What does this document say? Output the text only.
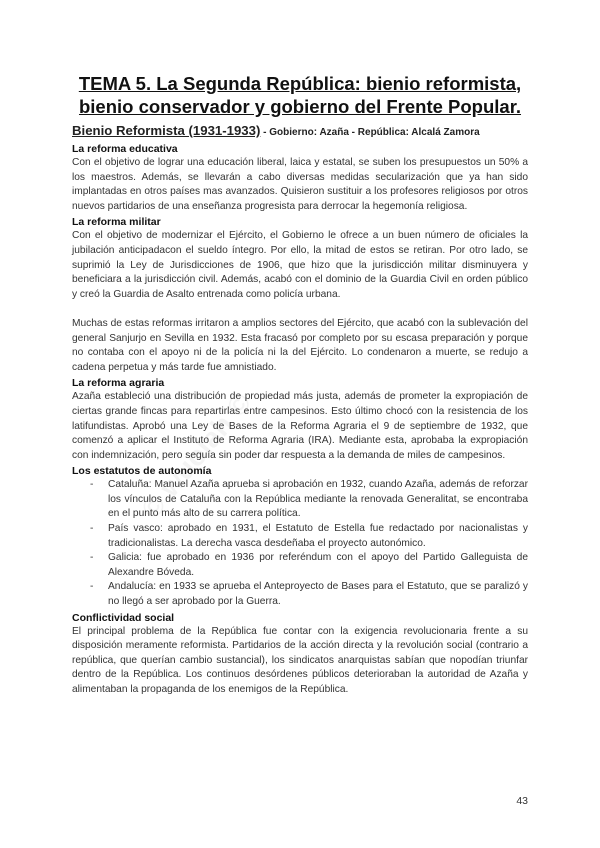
TEMA 5. La Segunda República: bienio reformista, bienio conservador y gobierno del Frente Popular.
Bienio Reformista (1931-1933) - Gobierno: Azaña - República: Alcalá Zamora
La reforma educativa

Con el objetivo de lograr una educación liberal, laica y estatal, se suben los presupuestos un 50% a los maestros. Además, se llevarán a cabo diversas medidas secularización que ya han sido implantadas en otros países mas avanzados. Quisieron sustituir a los profesores religiosos por otros nuevos partidarios de una enseñanza progresista para derrocar la hegemonía religiosa.

La reforma militar

Con el objetivo de modernizar el Ejército, el Gobierno le ofrece a un buen número de oficiales la jubilación anticipadacon el sueldo íntegro. Por ello, la mitad de estos se retiran. Por otro lado, se suprimió la Ley de Jurisdicciones de 1906, que hizo que la jurisdicción militar disminuyera y beneficiara a la jurisdicción civil. Además, acabó con el dominio de la Guardia Civil en orden público y creó la Guardia de Asalto entrenada como policía urbana.

Muchas de estas reformas irritaron a amplios sectores del Ejército, que acabó con la sublevación del general Sanjurjo en Sevilla en 1932. Esta fracasó por completo por su escasa preparación y porque no contaba con el apoyo ni de la policía ni la del Ejército. Lo condenaron a muerte, se redujo a cadena perpetua y más tarde fue amnistiado.

La reforma agraria

Azaña estableció una distribución de propiedad más justa, además de prometer la expropiación de ciertas grande fincas para repartirlas entre campesinos. Esto último chocó con la resistencia de los latifundistas. Aprobó una Ley de Bases de la Reforma Agraria el 9 de septiembre de 1932, que comenzó a aplicar el Instituto de Reforma Agraria (IRA). Mediante esta, aprobaba la expropiación con indemnización, pero seguía sin poder dar respuesta a la demanda de miles de campesinos.

Los estatutos de autonomía
- Cataluña: Manuel Azaña aprueba si aprobación en 1932, cuando Azaña, además de reforzar los vínculos de Cataluña con la República mediante la renovada Generalitat, se encontraba en el punto más alto de su carrera política.
- País vasco: aprobado en 1931, el Estatuto de Estella fue redactado por nacionalistas y tradicionalistas. La derecha vasca desdeñaba el proyecto autonómico.
- Galicia: fue aprobado en 1936 por referéndum con el apoyo del Partido Galleguista de Alexandre Bóveda.
- Andalucía: en 1933 se aprueba el Anteproyecto de Bases para el Estatuto, que se paralizó y no llegó a ser aprobado por la Guerra.
Conflictividad social

El principal problema de la República fue contar con la exigencia revolucionaria frente a su disposición meramente reformista. Partidarios de la acción directa y la revolución social (contrario a república, que querían cambio sustancial), los sindicatos anarquistas sabían que nopodían triunfar dentro de la República. Los continuos desórdenes públicos deterioraban la autoridad de Azaña y alimentaban la propaganda de los enemigos de la República.

43
